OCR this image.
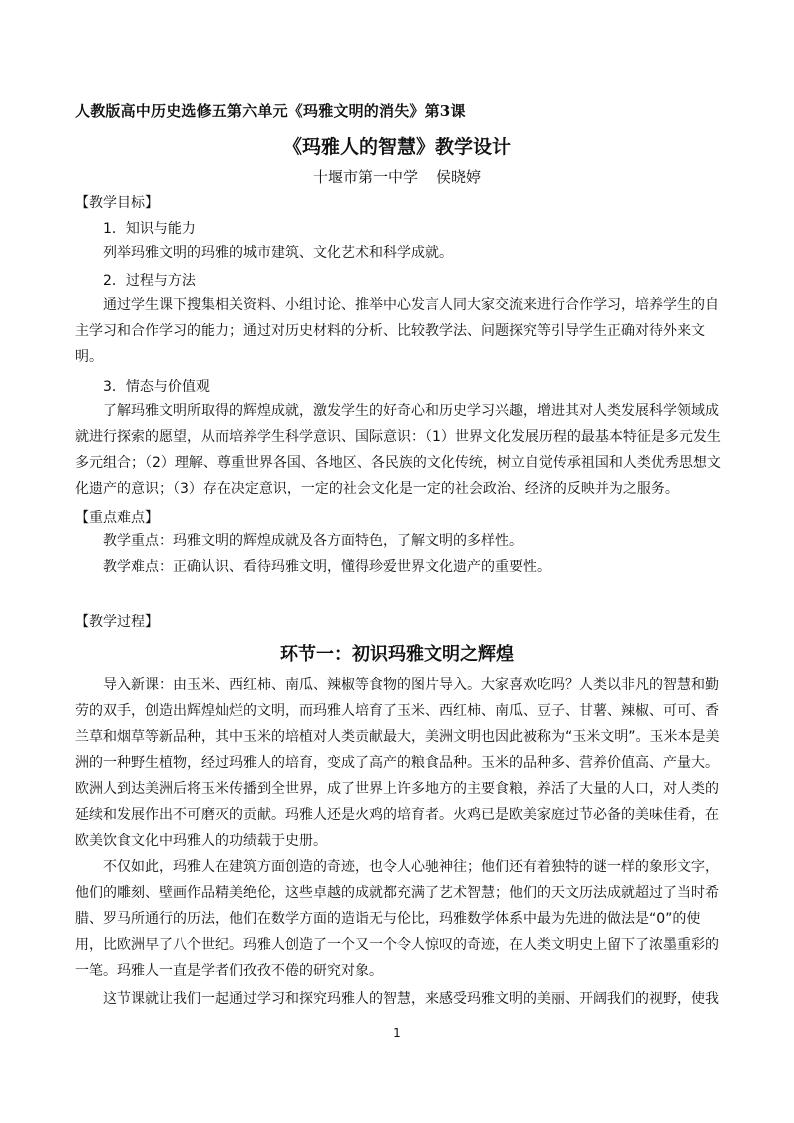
人教版高中历史选修五第六单元《玛雅文明的消失》第3课
《玛雅人的智慧》教学设计
十堰市第一中学 侯晓婷
【教学目标】
1．知识与能力
列举玛雅文明的玛雅的城市建筑、文化艺术和科学成就。
2．过程与方法
通过学生课下搜集相关资料、小组讨论、推举中心发言人同大家交流来进行合作学习，培养学生的自主学习和合作学习的能力；通过对历史材料的分析、比较教学法、问题探究等引导学生正确对待外来文明。
3．情态与价值观
了解玛雅文明所取得的辉煌成就，激发学生的好奇心和历史学习兴趣，增进其对人类发展科学领域成就进行探索的愿望，从而培养学生科学意识、国际意识：（1）世界文化发展历程的最基本特征是多元发生多元组合；（2）理解、尊重世界各国、各地区、各民族的文化传统，树立自觉传承祖国和人类优秀思想文化遗产的意识；（3）存在决定意识，一定的社会文化是一定的社会政治、经济的反映并为之服务。
【重点难点】
教学重点：玛雅文明的辉煌成就及各方面特色，了解文明的多样性。
教学难点：正确认识、看待玛雅文明，懂得珍爱世界文化遗产的重要性。
【教学过程】
环节一：初识玛雅文明之辉煌
导入新课：由玉米、西红柿、南瓜、辣椒等食物的图片导入。大家喜欢吃吗？人类以非凡的智慧和勤劳的双手，创造出辉煌灿烂的文明，而玛雅人培育了玉米、西红柿、南瓜、豆子、甘薯、辣椒、可可、香兰草和烟草等新品种，其中玉米的培植对人类贡献最大，美洲文明也因此被称为“玉米文明”。玉米本是美洲的一种野生植物，经过玛雅人的培育，变成了高产的粮食品种。玉米的品种多、营养价值高、产量大。欧洲人到达美洲后将玉米传播到全世界，成了世界上许多地方的主要食粮，养活了大量的人口，对人类的延续和发展作出不可磨灭的贡献。玛雅人还是火鸡的培育者。火鸡已是欧美家庭过节必备的美味佳肴，在欧美饮食文化中玛雅人的功绩载于史册。
不仅如此，玛雅人在建筑方面创造的奇迹，也令人心驰神往；他们还有着独特的谜一样的象形文字，他们的雕刻、壁画作品精美绝伦，这些卓越的成就都充满了艺术智慧；他们的天文历法成就超过了当时希腊、罗马所通行的历法，他们在数学方面的造诣无与伦比，玛雅数学体系中最为先进的做法是“0”的使用，比欧洲早了八个世纪。玛雅人创造了一个又一个令人惊叹的奇迹，在人类文明史上留下了浓墨重彩的一笔。玛雅人一直是学者们孜孜不倦的研究对象。
这节课就让我们一起通过学习和探究玛雅人的智慧，来感受玛雅文明的美丽、开阔我们的视野，使我
1
